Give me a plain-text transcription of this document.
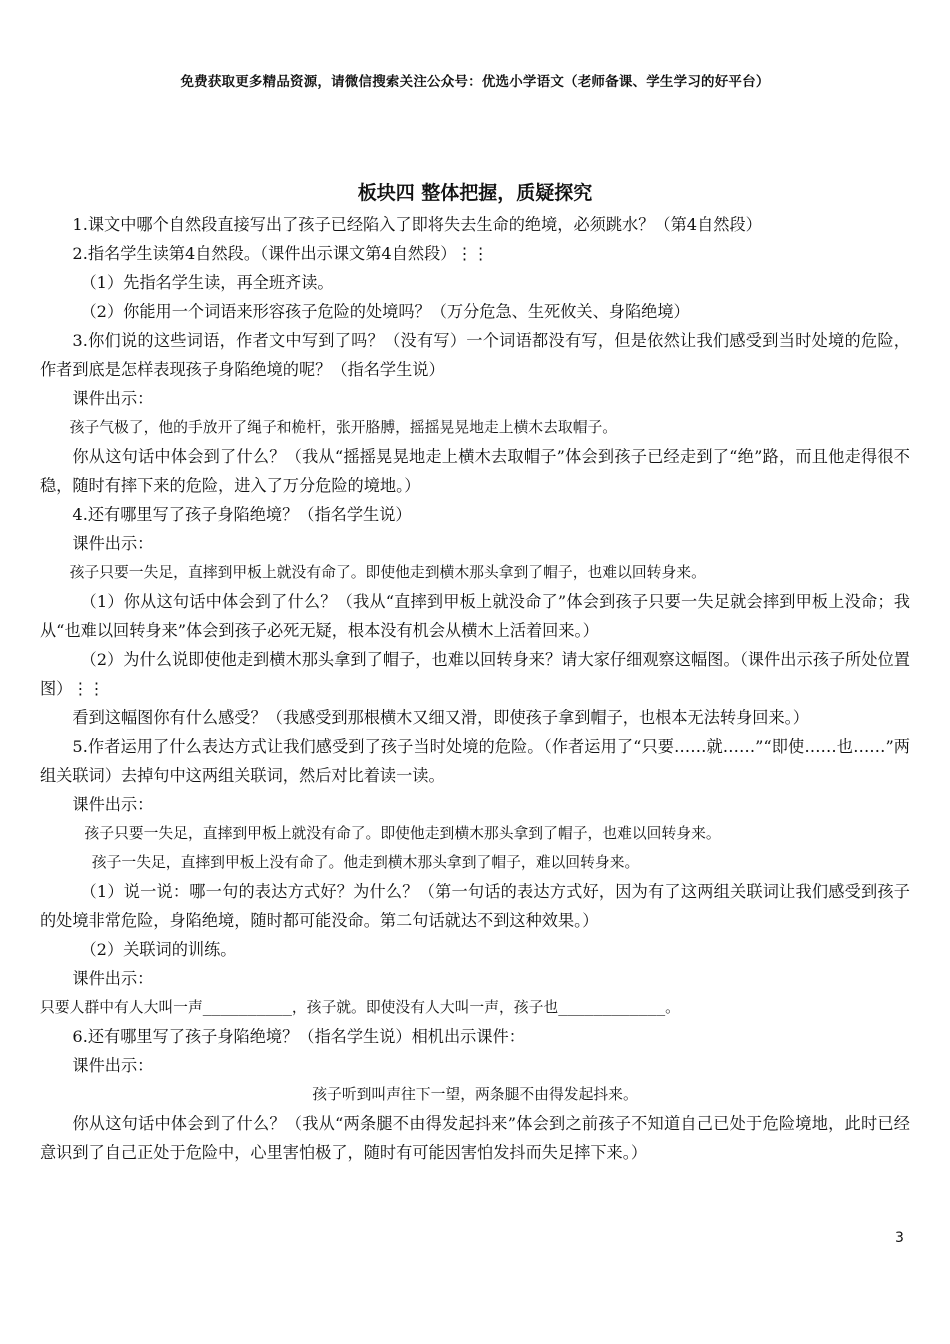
免费获取更多精品资源，请微信搜索关注公众号：优选小学语文（老师备课、学生学习的好平台）
板块四 整体把握，质疑探究

1.课文中哪个自然段直接写出了孩子已经陷入了即将失去生命的绝境，必须跳水？（第4自然段）

2.指名学生读第4自然段。（课件出示课文第4自然段）⋮⋮

（1）先指名学生读，再全班齐读。

（2）你能用一个词语来形容孩子危险的处境吗？（万分危急、生死攸关、身陷绝境）

3.你们说的这些词语，作者文中写到了吗？（没有写）一个词语都没有写，但是依然让我们感受到当时处境的危险，作者到底是怎样表现孩子身陷绝境的呢？（指名学生说）

课件出示：

孩子气极了，他的手放开了绳子和桅杆，张开胳膊，摇摇晃晃地走上横木去取帽子。

你从这句话中体会到了什么？（我从“摇摇晃晃地走上横木去取帽子”体会到孩子已经走到了“绝”路，而且他走得很不稳，随时有摔下来的危险，进入了万分危险的境地。）

4.还有哪里写了孩子身陷绝境？（指名学生说）

课件出示：

孩子只要一失足，直摔到甲板上就没有命了。即使他走到横木那头拿到了帽子，也难以回转身来。

（1）你从这句话中体会到了什么？（我从“直摔到甲板上就没命了”体会到孩子只要一失足就会摔到甲板上没命；我从“也难以回转身来”体会到孩子必死无疑，根本没有机会从横木上活着回来。）

（2）为什么说即使他走到横木那头拿到了帽子，也难以回转身来？请大家仔细观察这幅图。（课件出示孩子所处位置图）⋮⋮

看到这幅图你有什么感受？（我感受到那根横木又细又滑，即使孩子拿到帽子，也根本无法转身回来。）

5.作者运用了什么表达方式让我们感受到了孩子当时处境的危险。（作者运用了“只要……就……”“即使……也……”两组关联词）去掉句中这两组关联词，然后对比着读一读。

课件出示：

孩子只要一失足，直摔到甲板上就没有命了。即使他走到横木那头拿到了帽子，也难以回转身来。

孩子一失足，直摔到甲板上没有命了。他走到横木那头拿到了帽子，难以回转身来。

（1）说一说：哪一句的表达方式好？为什么？（第一句话的表达方式好，因为有了这两组关联词让我们感受到孩子的处境非常危险，身陷绝境，随时都可能没命。第二句话就达不到这种效果。）

（2）关联词的训练。

课件出示：

只要人群中有人大叫一声__________，孩子就。即使没有人大叫一声，孩子也____________。

6.还有哪里写了孩子身陷绝境？（指名学生说）相机出示课件：

课件出示：

孩子听到叫声往下一望，两条腿不由得发起抖来。

你从这句话中体会到了什么？（我从“两条腿不由得发起抖来”体会到之前孩子不知道自己已处于危险境地，此时已经意识到了自己正处于危险中，心里害怕极了，随时有可能因害怕发抖而失足摔下来。）

3
